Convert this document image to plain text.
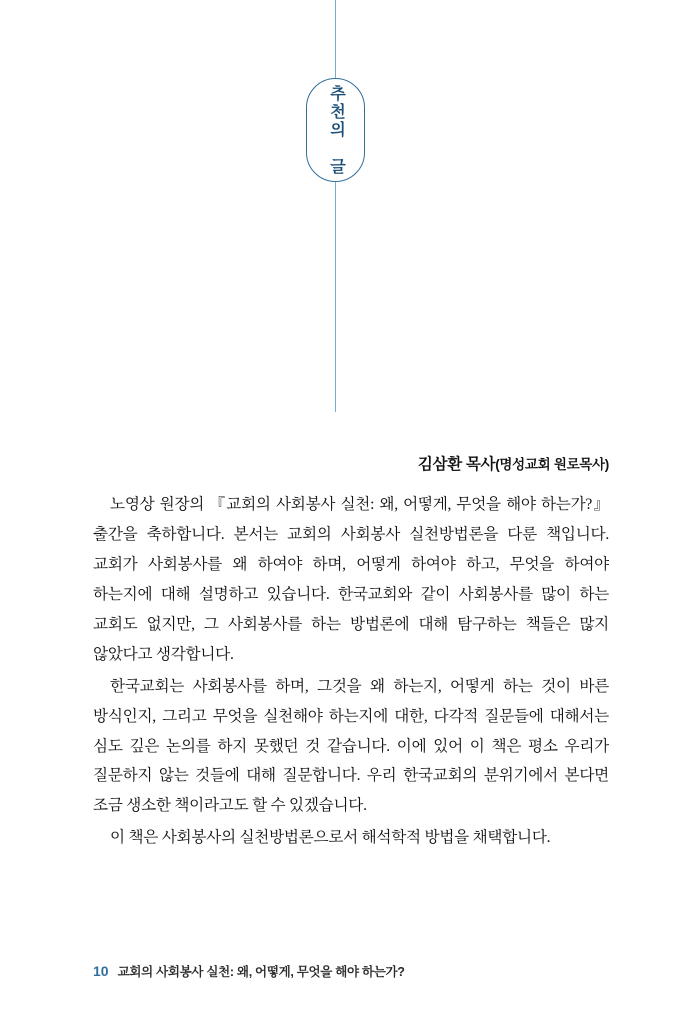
추천의 글
김삼환 목사(명성교회 원로목사)

노영상 원장의 『교회의 사회봉사 실천: 왜, 어떻게, 무엇을 해야 하는가?』 출간을 축하합니다. 본서는 교회의 사회봉사 실천방법론을 다룬 책입니다. 교회가 사회봉사를 왜 하여야 하며, 어떻게 하여야 하고, 무엇을 하여야 하는지에 대해 설명하고 있습니다. 한국교회와 같이 사회봉사를 많이 하는 교회도 없지만, 그 사회봉사를 하는 방법론에 대해 탐구하는 책들은 많지 않았다고 생각합니다.

한국교회는 사회봉사를 하며, 그것을 왜 하는지, 어떻게 하는 것이 바른 방식인지, 그리고 무엇을 실천해야 하는지에 대한, 다각적 질문들에 대해서는 심도 깊은 논의를 하지 못했던 것 같습니다. 이에 있어 이 책은 평소 우리가 질문하지 않는 것들에 대해 질문합니다. 우리 한국교회의 분위기에서 본다면 조금 생소한 책이라고도 할 수 있겠습니다.

이 책은 사회봉사의 실천방법론으로서 해석학적 방법을 채택합니다.

10 교회의 사회봉사 실천: 왜, 어떻게, 무엇을 해야 하는가?
